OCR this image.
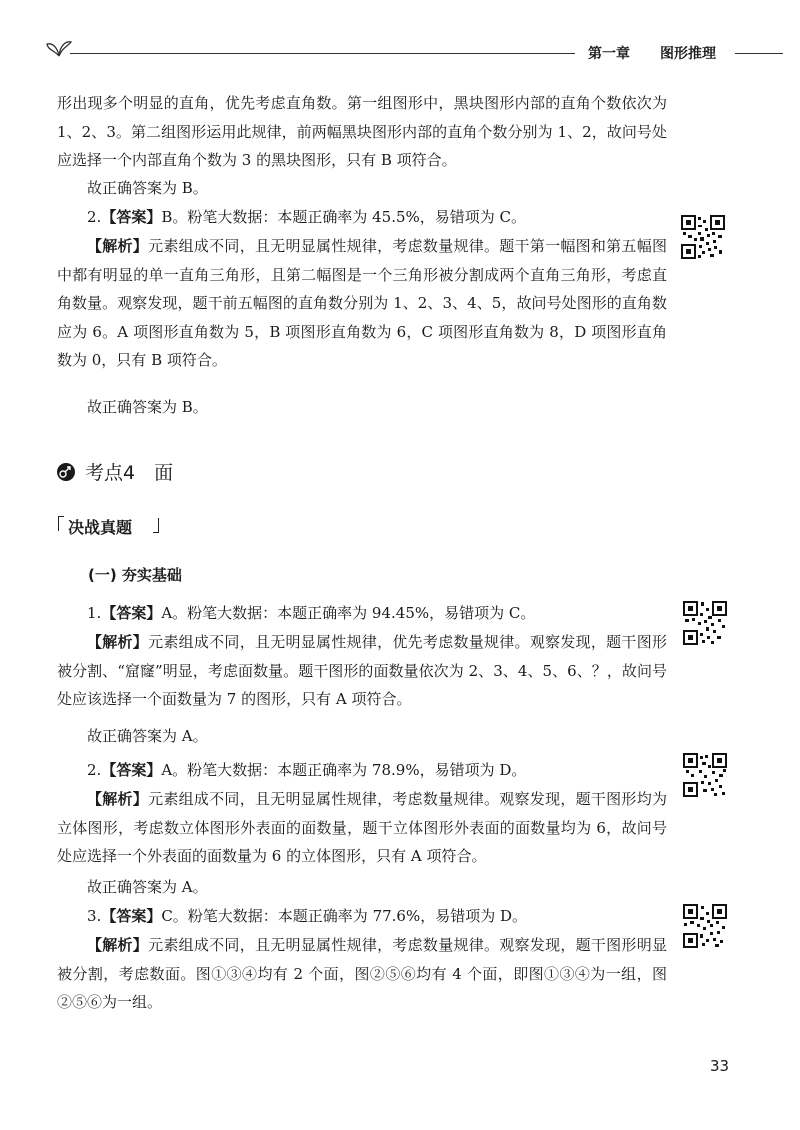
第一章 图形推理
形出现多个明显的直角，优先考虑直角数。第一组图形中，黑块图形内部的直角个数依次为 1、2、3。第二组图形运用此规律，前两幅黑块图形内部的直角个数分别为 1、2，故问号处应选择一个内部直角个数为 3 的黑块图形，只有 B 项符合。
故正确答案为 B。
2.【答案】B。粉笔大数据：本题正确率为 45.5%，易错项为 C。
【解析】元素组成不同，且无明显属性规律，考虑数量规律。题干第一幅图和第五幅图中都有明显的单一直角三角形，且第二幅图是一个三角形被分割成两个直角三角形，考虑直角数量。观察发现，题干前五幅图的直角数分别为 1、2、3、4、5，故问号处图形的直角数应为 6。A 项图形直角数为 5，B 项图形直角数为 6，C 项图形直角数为 8，D 项图形直角数为 0，只有 B 项符合。
故正确答案为 B。
考点4　面
决战真题
(一) 夯实基础
1.【答案】A。粉笔大数据：本题正确率为 94.45%，易错项为 C。
【解析】元素组成不同，且无明显属性规律，优先考虑数量规律。观察发现，题干图形被分割、“窟窿”明显，考虑面数量。题干图形的面数量依次为 2、3、4、5、6、？，故问号处应该选择一个面数量为 7 的图形，只有 A 项符合。
故正确答案为 A。
2.【答案】A。粉笔大数据：本题正确率为 78.9%，易错项为 D。
【解析】元素组成不同，且无明显属性规律，考虑数量规律。观察发现，题干图形均为立体图形，考虑数立体图形外表面的面数量，题干立体图形外表面的面数量均为 6，故问号处应选择一个外表面的面数量为 6 的立体图形，只有 A 项符合。
故正确答案为 A。
3.【答案】C。粉笔大数据：本题正确率为 77.6%，易错项为 D。
【解析】元素组成不同，且无明显属性规律，考虑数量规律。观察发现，题干图形明显被分割，考虑数面。图①③④均有 2 个面，图②⑤⑥均有 4 个面，即图①③④为一组，图②⑤⑥为一组。
33
